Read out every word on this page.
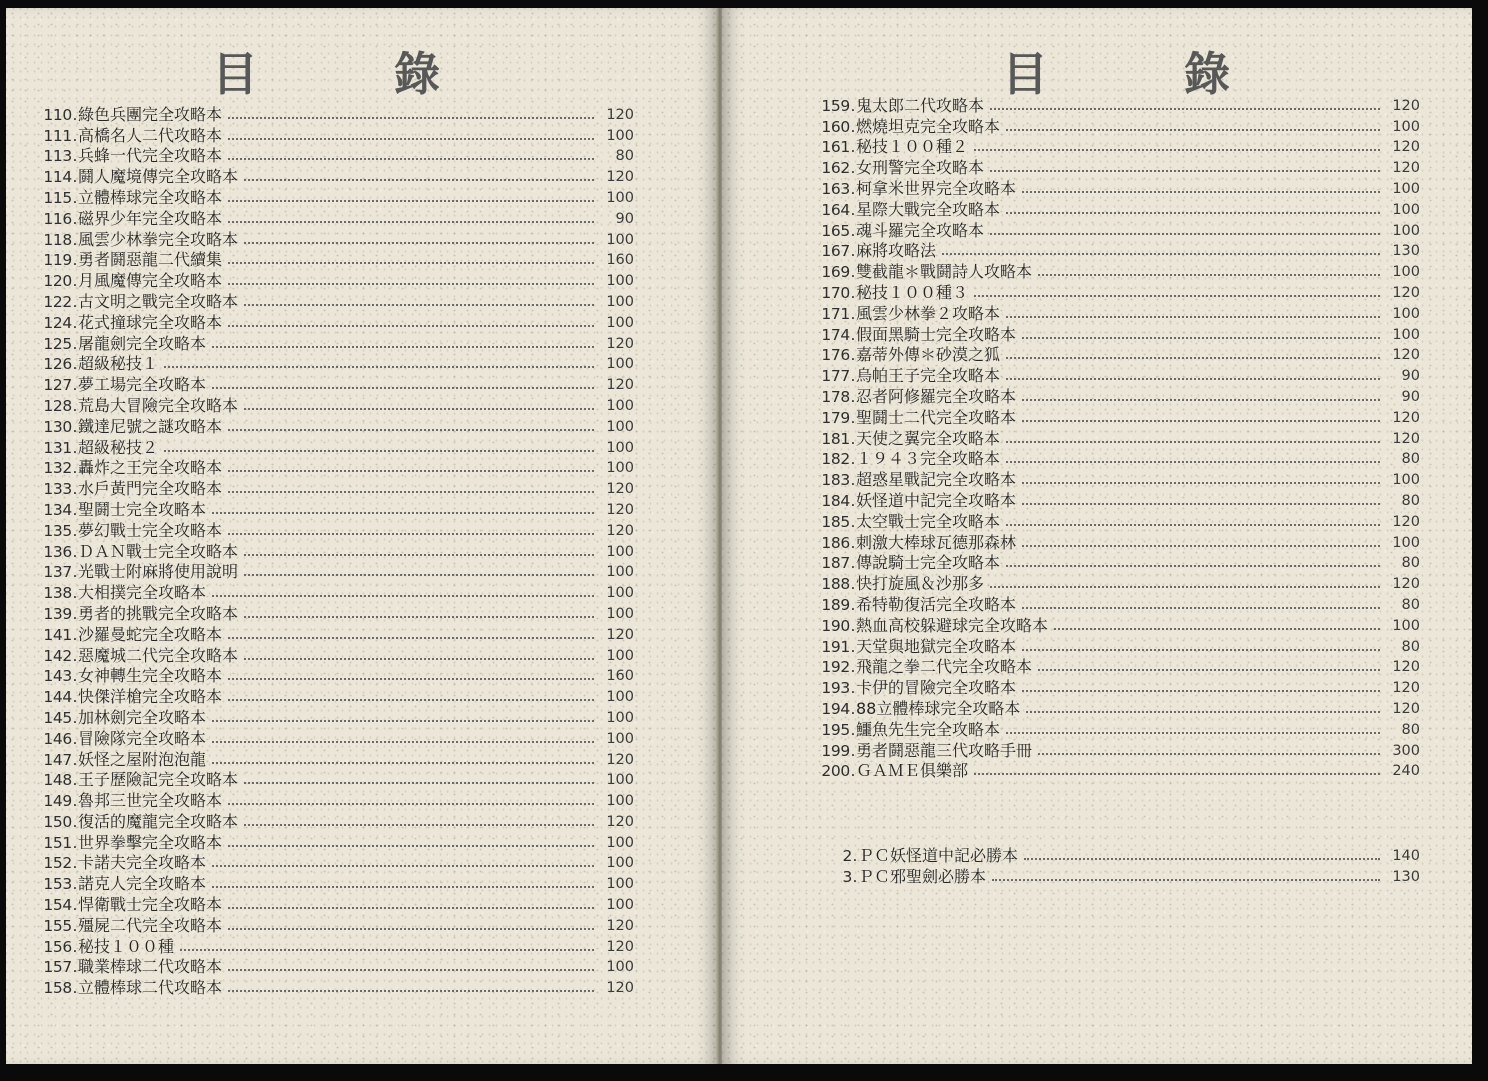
目	錄
110 . 綠色兵團完全攻略本	120
111 . 高橋名人二代攻略本	100
113 . 兵蜂一代完全攻略本	80
114 . 鬪人魔境傳完全攻略本	120
115 . 立體棒球完全攻略本	100
116 . 磁界少年完全攻略本	90
118 . 風雲少林拳完全攻略本	100
119 . 勇者鬪惡龍二代續集	160
120 . 月風魔傳完全攻略本	100
122 . 古文明之戰完全攻略本	100
124 . 花式撞球完全攻略本	100
125 . 屠龍劍完全攻略本	120
126 . 超級秘技１	100
127 . 夢工場完全攻略本	120
128 . 荒島大冒險完全攻略本	100
130 . 鐵達尼號之謎攻略本	100
131 . 超級秘技２	100
132 . 轟炸之王完全攻略本	100
133 . 水戶黃門完全攻略本	120
134 . 聖鬪士完全攻略本	120
135 . 夢幻戰士完全攻略本	120
136 . ＤＡＮ戰士完全攻略本	100
137 . 光戰士附麻將使用說明	100
138 . 大相撲完全攻略本	100
139 . 勇者的挑戰完全攻略本	100
141 . 沙羅曼蛇完全攻略本	120
142 . 惡魔城二代完全攻略本	100
143 . 女神轉生完全攻略本	160
144 . 快傑洋槍完全攻略本	100
145 . 加林劍完全攻略本	100
146 . 冒險隊完全攻略本	100
147 . 妖怪之屋附泡泡龍	120
148 . 王子歷險記完全攻略本	100
149 . 魯邦三世完全攻略本	100
150 . 復活的魔龍完全攻略本	120
151 . 世界拳擊完全攻略本	100
152 . 卡諾夫完全攻略本	100
153 . 諾克人完全攻略本	100
154 . 悍衛戰士完全攻略本	100
155 . 殭屍二代完全攻略本	120
156 . 秘技１００種	120
157 . 職業棒球二代攻略本	100
158 . 立體棒球二代攻略本	120
目	錄
159 . 鬼太郎二代攻略本	120
160 . 燃燒坦克完全攻略本	100
161 . 秘技１００種２	120
162 . 女刑警完全攻略本	120
163 . 柯拿米世界完全攻略本	100
164 . 星際大戰完全攻略本	100
165 . 魂斗羅完全攻略本	100
167 . 麻將攻略法	130
169 . 雙截龍＊戰鬪詩人攻略本	100
170 . 秘技１００種３	120
171 . 風雲少林拳２攻略本	100
174 . 假面黑騎士完全攻略本	100
176 . 嘉蒂外傳＊砂漠之狐	120
177 . 烏帕王子完全攻略本	90
178 . 忍者阿修羅完全攻略本	90
179 . 聖鬪士二代完全攻略本	120
181 . 天使之翼完全攻略本	120
182 . １９４３完全攻略本	80
183 . 超惑星戰記完全攻略本	100
184 . 妖怪道中記完全攻略本	80
185 . 太空戰士完全攻略本	120
186 . 刺激大棒球瓦德那森林	100
187 . 傳說騎士完全攻略本	80
188 . 快打旋風＆沙那多	120
189 . 希特勒復活完全攻略本	80
190 . 熱血高校躲避球完全攻略本	100
191 . 天堂與地獄完全攻略本	80
192 . 飛龍之拳二代完全攻略本	120
193 . 卡伊的冒險完全攻略本	120
194 . 88立體棒球完全攻略本	120
195 . 鱷魚先生完全攻略本	80
199 . 勇者鬪惡龍三代攻略手冊	300
200 . ＧＡＭＥ俱樂部	240
2 . ＰＣ妖怪道中記必勝本	140
3 . ＰＣ邪聖劍必勝本	130
